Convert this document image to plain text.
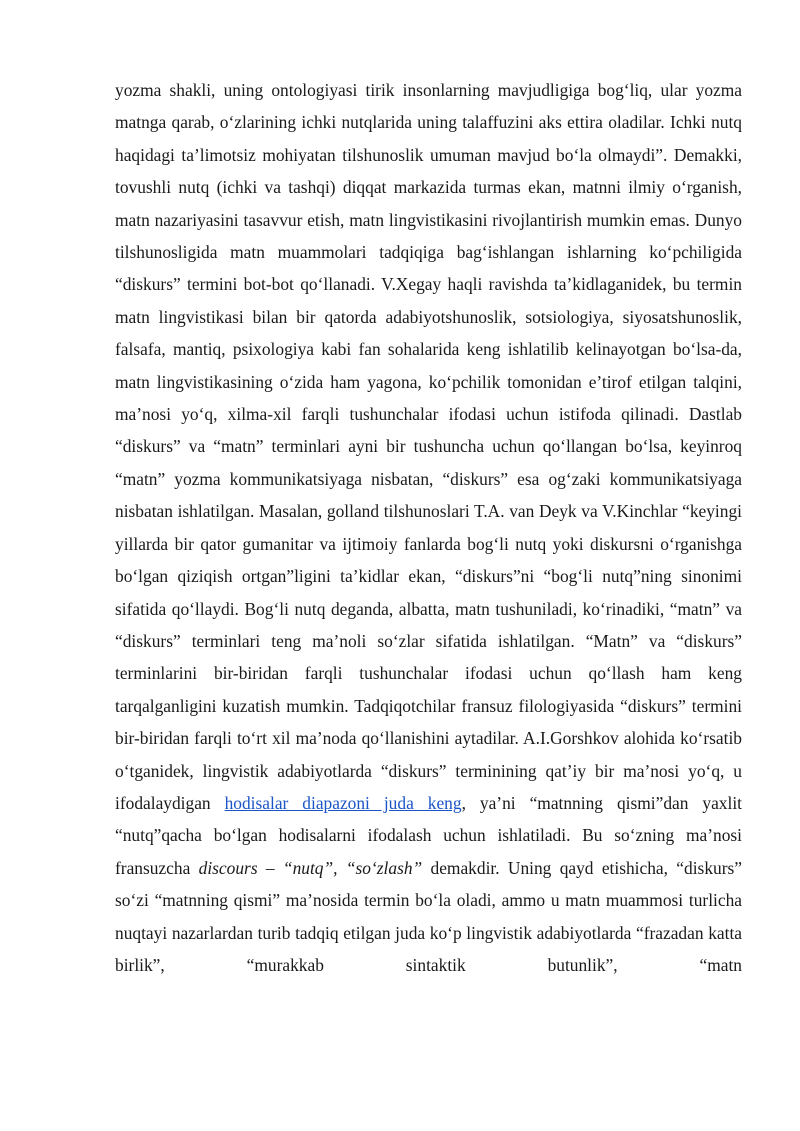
yozma shakli, uning ontologiyasi tirik insonlarning mavjudligiga bog‘liq, ular yozma matnga qarab, o‘zlarining ichki nutqlarida uning talaffuzini aks ettira oladilar. Ichki nutq haqidagi ta’limotsiz mohiyatan tilshunoslik umuman mavjud bo‘la olmaydi”. Demakki, tovushli nutq (ichki va tashqi) diqqat markazida turmas ekan, matnni ilmiy o‘rganish, matn nazariyasini tasavvur etish, matn lingvistikasini rivojlantirish mumkin emas. Dunyo tilshunosligida matn muammolari tadqiqiga bag‘ishlangan ishlarning ko‘pchiligida “diskurs” termini bot-bot qo‘llanadi. V.Xegay haqli ravishda ta’kidlaganidek, bu termin matn lingvistikasi bilan bir qatorda adabiyotshunoslik, sotsiologiya, siyosatshunoslik, falsafa, mantiq, psixologiya kabi fan sohalarida keng ishlatilib kelinayotgan bo‘lsa-da, matn lingvistikasining o‘zida ham yagona, ko‘pchilik tomonidan e’tirof etilgan talqini, ma’nosi yo‘q, xilma-xil farqli tushunchalar ifodasi uchun istifoda qilinadi. Dastlab “diskurs” va “matn” terminlari ayni bir tushuncha uchun qo‘llangan bo‘lsa, keyinroq “matn” yozma kommunikatsiyaga nisbatan, “diskurs” esa og‘zaki kommunikatsiyaga nisbatan ishlatilgan. Masalan, golland tilshunoslari T.A. van Deyk va V.Kinchlar “keyingi yillarda bir qator gumanitar va ijtimoiy fanlarda bog‘li nutq yoki diskursni o‘rganishga bo‘lgan qiziqish ortgan”ligini ta’kidlar ekan, “diskurs”ni “bog‘li nutq”ning sinonimi sifatida qo‘llaydi. Bog‘li nutq deganda, albatta, matn tushuniladi, ko‘rinadiki, “matn” va “diskurs” terminlari teng ma’noli so‘zlar sifatida ishlatilgan. “Matn” va “diskurs” terminlarini bir-biridan farqli tushunchalar ifodasi uchun qo‘llash ham keng tarqalganligini kuzatish mumkin. Tadqiqotchilar fransuz filologiyasida “diskurs” termini bir-biridan farqli to‘rt xil ma’noda qo‘llanishini aytadilar. A.I.Gorshkov alohida ko‘rsatib o‘tganidek, lingvistik adabiyotlarda “diskurs” terminining qat’iy bir ma’nosi yo‘q, u ifodalaydigan hodisalar diapazoni juda keng, ya’ni “matnning qismi”dan yaxlit “nutq”qacha bo‘lgan hodisalarni ifodalash uchun ishlatiladi. Bu so‘zning ma’nosi fransuzcha discours – “nutq”, “so‘zlash” demakdir. Uning qayd etishicha, “diskurs” so‘zi “matnning qismi” ma’nosida termin bo‘la oladi, ammo u matn muammosi turlicha nuqtayi nazarlardan turib tadqiq etilgan juda ko‘p lingvistik adabiyotlarda “frazadan katta birlik”, “murakkab sintaktik butunlik”, “matn
